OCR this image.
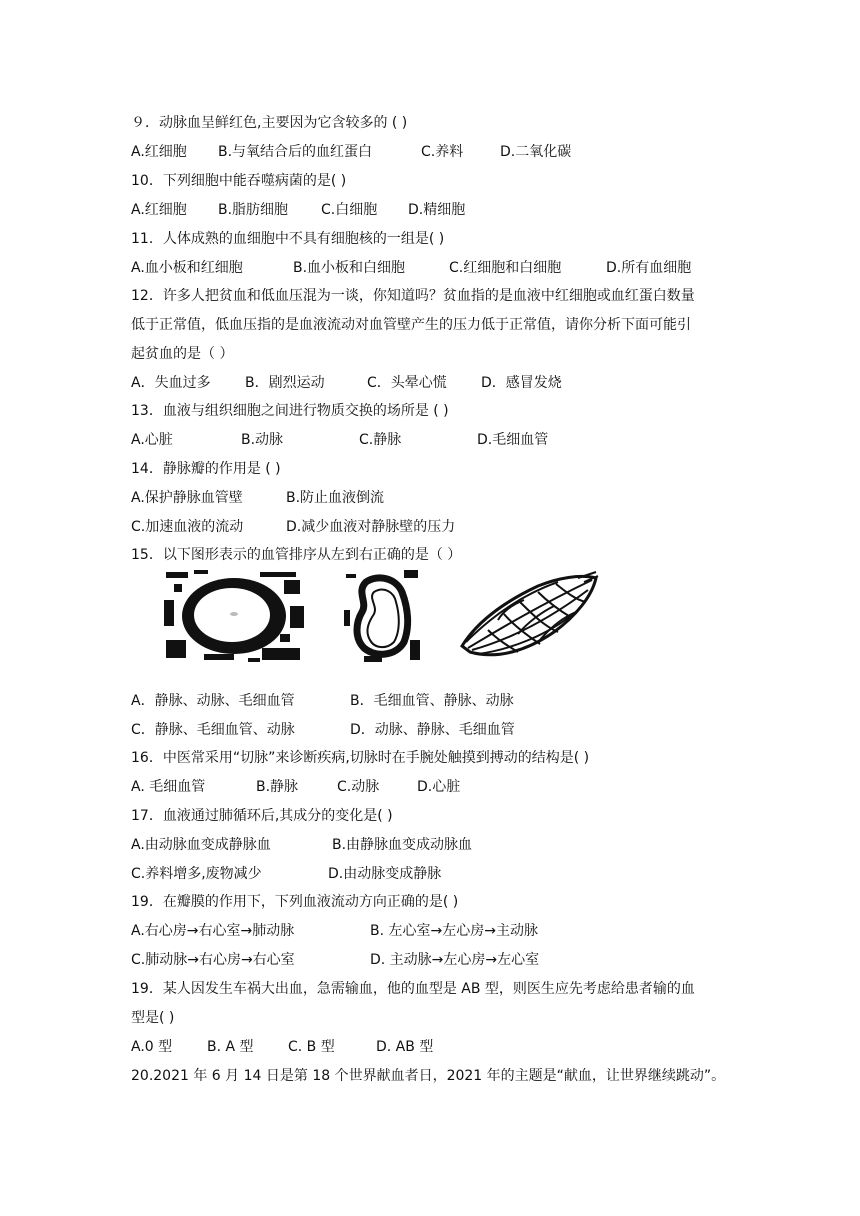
９．动脉血呈鲜红色,主要因为它含较多的 ( )
A.红细胞 B.与氧结合后的血红蛋白	C.养料	D.二氧化碳
10．下列细胞中能吞噬病菌的是( )
A.红细胞 B.脂肪细胞 C.白细胞 D.精细胞
11．人体成熟的血细胞中不具有细胞核的一组是( )
A.血小板和红细胞	B.血小板和白细胞	C.红细胞和白细胞	D.所有血细胞
12．许多人把贫血和低血压混为一谈，你知道吗？贫血指的是血液中红细胞或血红蛋白数量
低于正常值，低血压指的是血液流动对血管壁产生的压力低于正常值，请你分析下面可能引
起贫血的是（ ）
A．失血过多 B．剧烈运动	C．头晕心慌 D．感冒发烧
13．血液与组织细胞之间进行物质交换的场所是 ( )
A.心脏	B.动脉	C.静脉	D.毛细血管
14．静脉瓣的作用是 ( )
A.保护静脉血管壁	B.防止血液倒流
C.加速血液的流动	D.减少血液对静脉壁的压力
15．以下图形表示的血管排序从左到右正确的是（ ）
A．静脉、动脉、毛细血管	B．毛细血管、静脉、动脉
C．静脉、毛细血管、动脉	D．动脉、静脉、毛细血管
16．中医常采用“切脉”来诊断疾病,切脉时在手腕处触摸到搏动的结构是( )
A. 毛细血管	B.静脉	C.动脉	D.心脏
17．血液通过肺循环后,其成分的变化是( )
A.由动脉血变成静脉血	B.由静脉血变成动脉血
C.养料增多,废物减少	D.由动脉变成静脉
19．在瓣膜的作用下，下列血液流动方向正确的是( )
A.右心房→右心室→肺动脉	B. 左心室→左心房→主动脉
C.肺动脉→右心房→右心室	D. 主动脉→左心房→左心室
19．某人因发生车祸大出血，急需输血，他的血型是 AB 型，则医生应先考虑给患者输的血
型是( )
A.0 型 B. A 型 C. B 型	D. AB 型
20.2021 年 6 月 14 日是第 18 个世界献血者日，2021 年的主题是“献血，让世界继续跳动”。
